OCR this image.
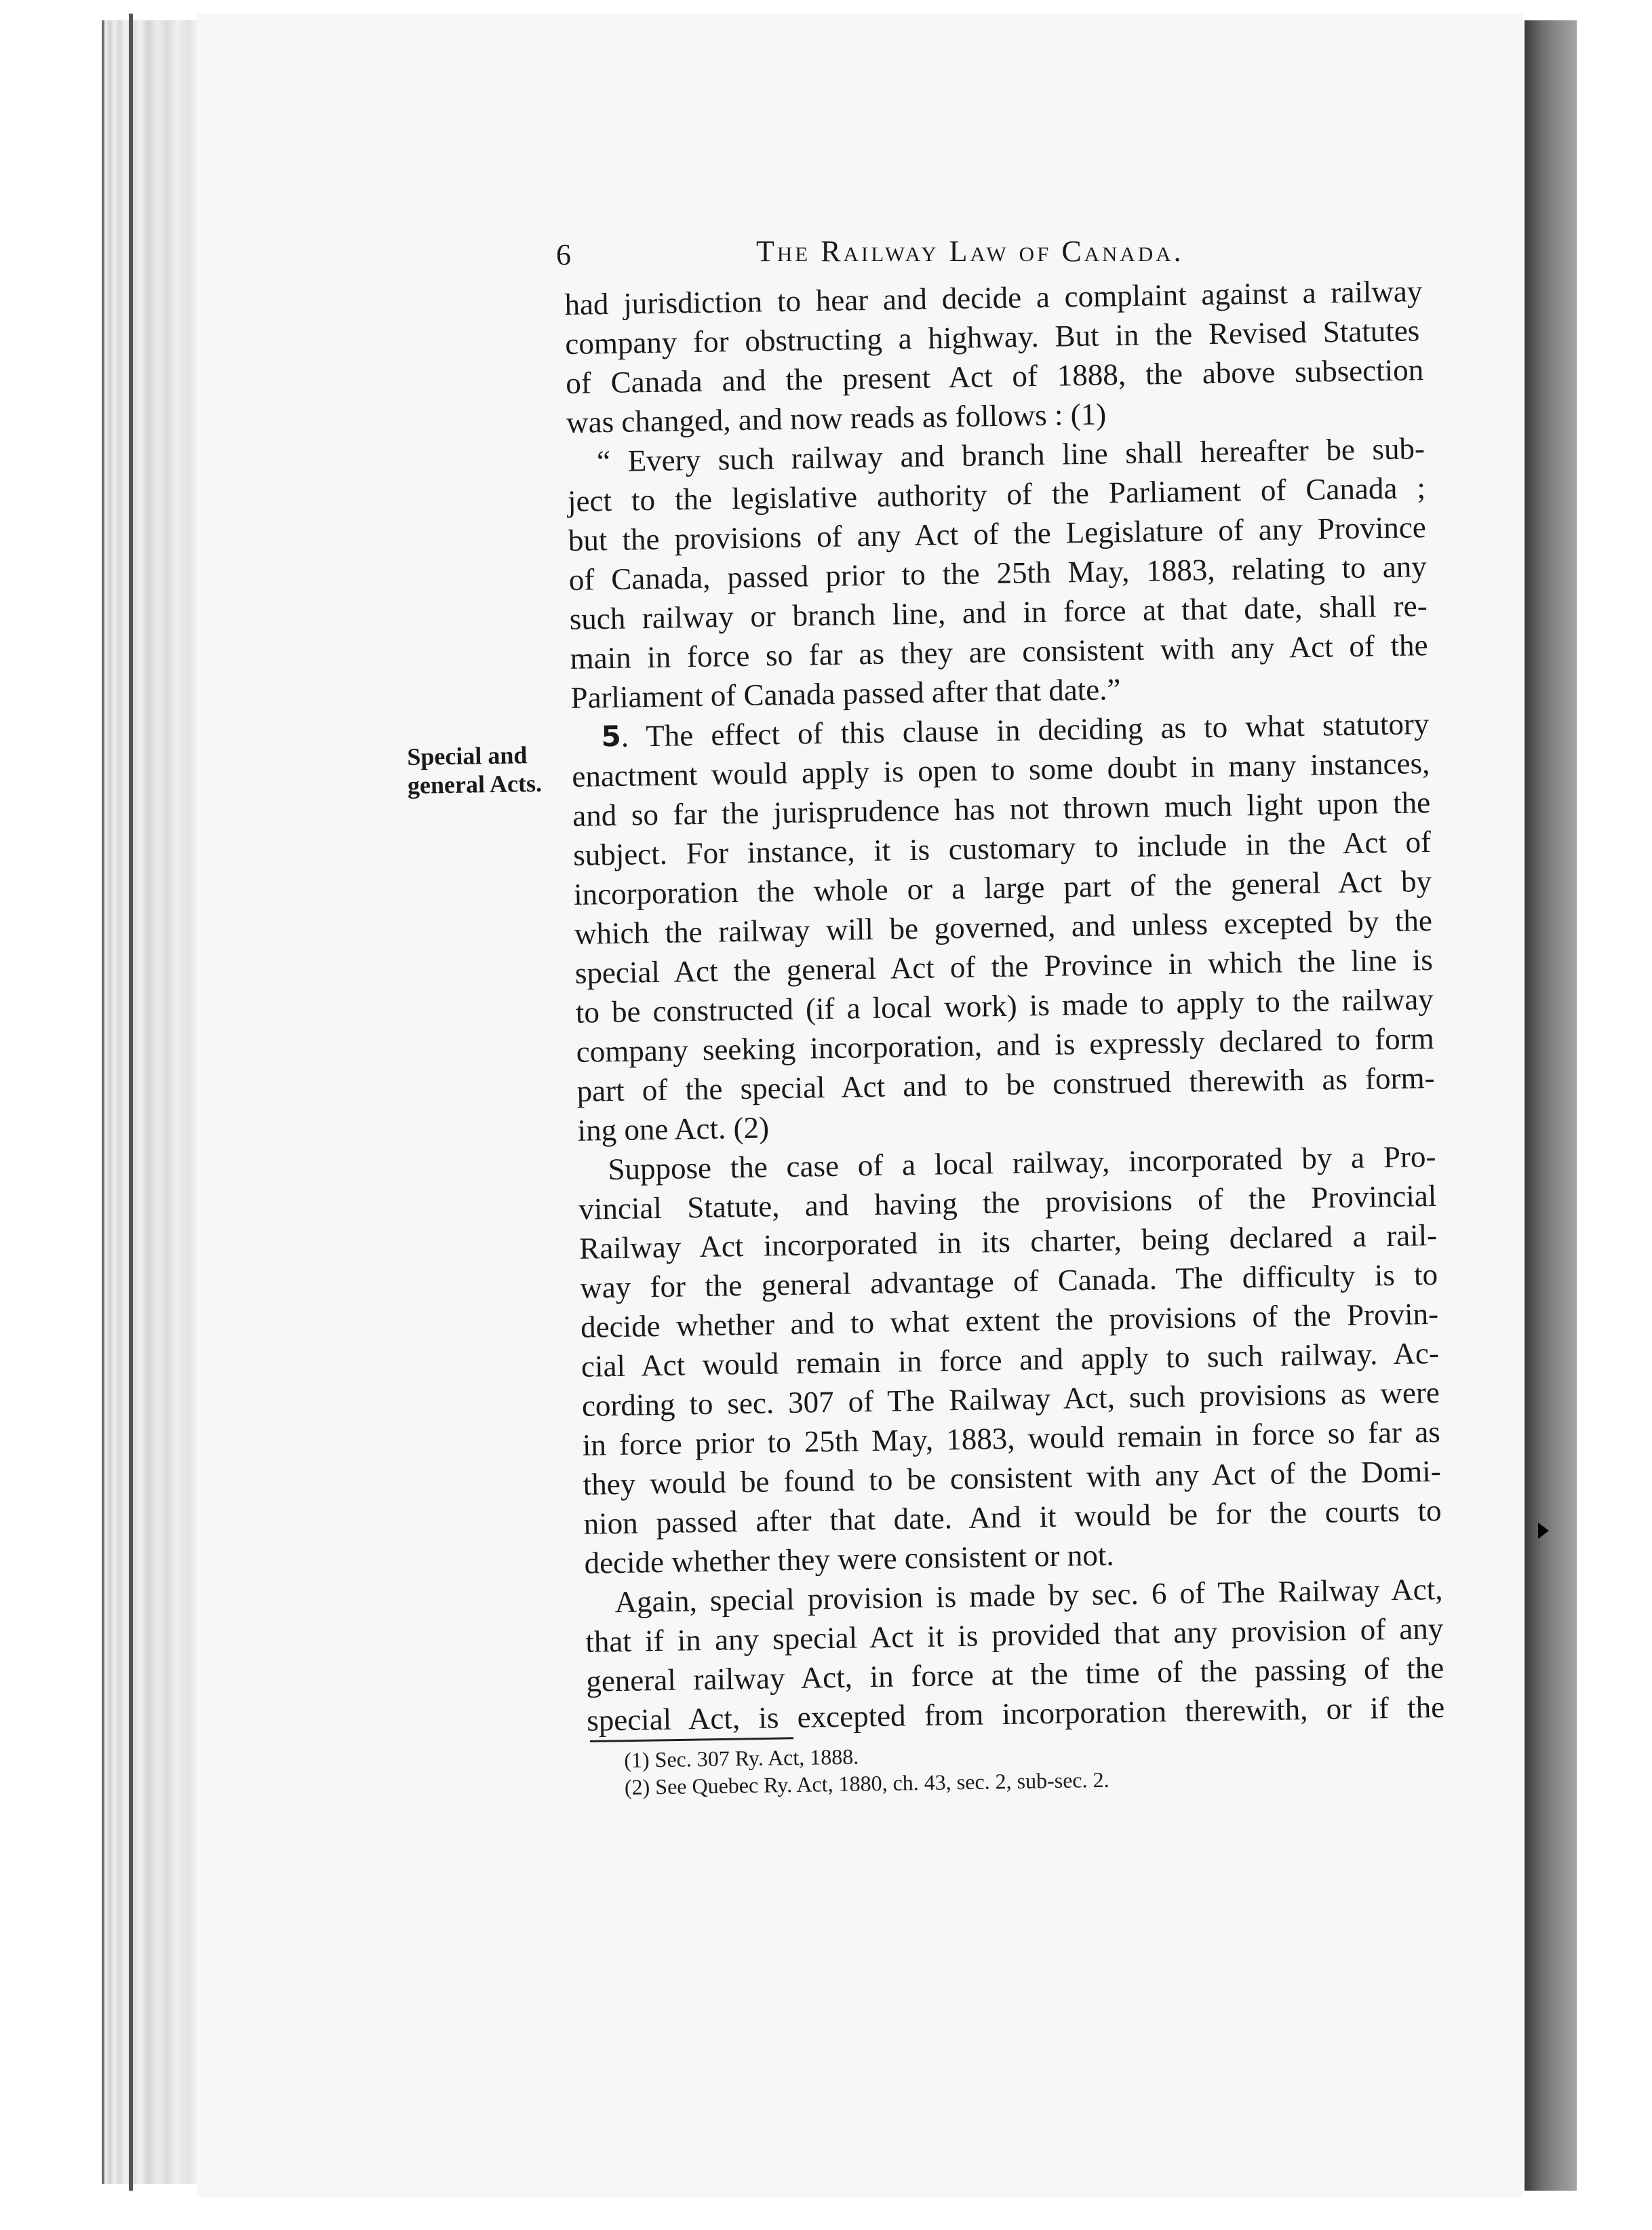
6	The Railway Law of Canada.
Special and
general Acts.
had jurisdiction to hear and decide a complaint against a railway
company for obstructing a highway. But in the Revised Statutes
of Canada and the present Act of 1888, the above subsection
was changed, and now reads as follows : (1)
“ Every such railway and branch line shall hereafter be sub-
ject to the legislative authority of the Parliament of Canada ;
but the provisions of any Act of the Legislature of any Province
of Canada, passed prior to the 25th May, 1883, relating to any
such railway or branch line, and in force at that date, shall re-
main in force so far as they are consistent with any Act of the
Parliament of Canada passed after that date.”
5 . The effect of this clause in deciding as to what statutory
enactment would apply is open to some doubt in many instances,
and so far the jurisprudence has not thrown much light upon the
subject. For instance, it is customary to include in the Act of
incorporation the whole or a large part of the general Act by
which the railway will be governed, and unless excepted by the
special Act the general Act of the Province in which the line is
to be constructed (if a local work) is made to apply to the railway
company seeking incorporation, and is expressly declared to form
part of the special Act and to be construed therewith as form-
ing one Act. (2)
Suppose the case of a local railway, incorporated by a Pro-
vincial Statute, and having the provisions of the Provincial
Railway Act incorporated in its charter, being declared a rail-
way for the general advantage of Canada. The difficulty is to
decide whether and to what extent the provisions of the Provin-
cial Act would remain in force and apply to such railway. Ac-
cording to sec. 307 of The Railway Act, such provisions as were
in force prior to 25th May, 1883, would remain in force so far as
they would be found to be consistent with any Act of the Domi-
nion passed after that date. And it would be for the courts to
decide whether they were consistent or not.
Again, special provision is made by sec. 6 of The Railway Act,
that if in any special Act it is provided that any provision of any
general railway Act, in force at the time of the passing of the
special Act, is excepted from incorporation therewith, or if the
(1) Sec. 307 Ry. Act, 1888.
(2) See Quebec Ry. Act, 1880, ch. 43, sec. 2, sub-sec. 2.
